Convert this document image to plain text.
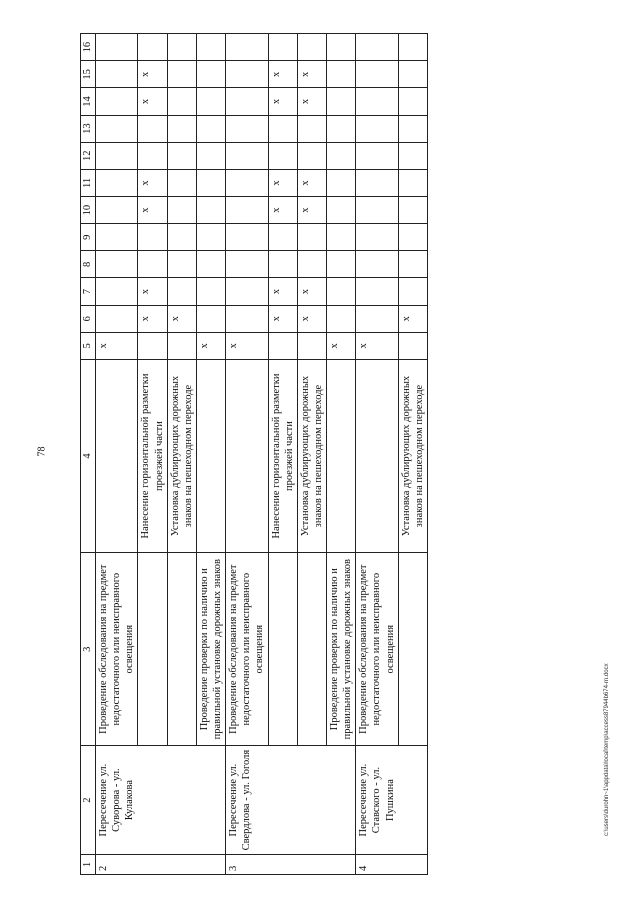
78
1	2	3	4	5	6	7	8	9	10	11	12	13	14	15	16
2	Пересечение ул. Суворова - ул. Кулакова	Проведение обследования на предмет недостаточного или неисправного освещения		x											
			Нанесение горизонтальной разметки проезжей части		x	x			x	x			x	x	
			Установка дублирующих дорожных знаков на пешеходном переходе		x										
		Проведение проверки по наличию и правильной установке дорожных знаков		x											
3	Пересечение ул. Свердлова - ул. Гоголя	Проведение обследования на предмет недостаточного или неисправного освещения		x											
			Нанесение горизонтальной разметки проезжей части		x	x			x	x			x	x	
			Установка дублирующих дорожных знаков на пешеходном переходе		x	x			x	x			x	x	
		Проведение проверки по наличию и правильной установке дорожных знаков		x											
4	Пересечение ул. Ставского - ул. Пушкина	Проведение обследования на предмет недостаточного или неисправного освещения		x											
			Установка дублирующих дорожных знаков на пешеходном переходе		x										
c:\users\durohn~1\appdata\local\temp\access87944b674-rn.docx
